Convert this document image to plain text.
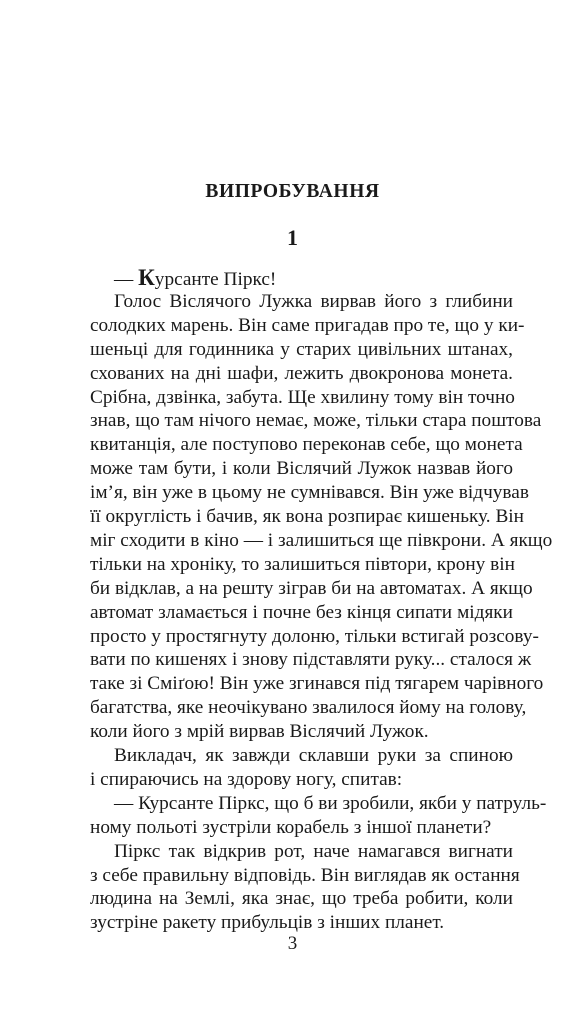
ВИПРОБУВАННЯ
1
— Курсанте Піркс!
Голос Віслячого Лужка вирвав його з глибини
солодких марень. Він саме пригадав про те, що у ки-
шеньці для годинника у старих цивільних штанах,
схованих на дні шафи, лежить двокронова монета.
Срібна, дзвінка, забута. Ще хвилину тому він точно
знав, що там нічого немає, може, тільки стара поштова
квитанція, але поступово переконав себе, що монета
може там бути, і коли Віслячий Лужок назвав його
ім’я, він уже в цьому не сумнівався. Він уже відчував
її округлість і бачив, як вона розпирає кишеньку. Він
міг сходити в кіно — і залишиться ще півкрони. А якщо
тільки на хроніку, то залишиться півтори, крону він
би відклав, а на решту зіграв би на автоматах. А якщо
автомат зламається і почне без кінця сипати мідяки
просто у простягнуту долоню, тільки встигай розсову-
вати по кишенях і знову підставляти руку... сталося ж
таке зі Сміґою! Він уже згинався під тягарем чарівного
багатства, яке неочікувано звалилося йому на голову,
коли його з мрій вирвав Віслячий Лужок.
Викладач, як завжди склавши руки за спиною
і спираючись на здорову ногу, спитав:
— Курсанте Піркс, що б ви зробили, якби у патруль-
ному польоті зустріли корабель з іншої планети?
Піркс так відкрив рот, наче намагався вигнати
з себе правильну відповідь. Він виглядав як остання
людина на Землі, яка знає, що треба робити, коли
зустріне ракету прибульців з інших планет.
3
